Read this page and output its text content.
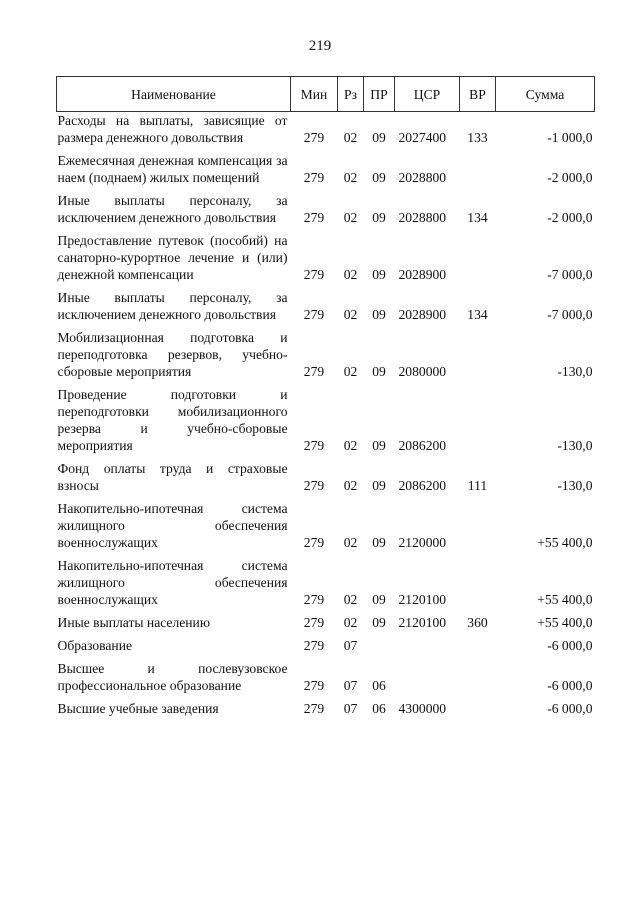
219
Наименование	Мин	Рз	ПР	ЦСР	ВР	Сумма
Расходы на выплаты, зависящие от размера денежного довольствия	279	02	09	2027400	133	-1 000,0
Ежемесячная денежная компенсация за наем (поднаем) жилых помещений	279	02	09	2028800		-2 000,0
Иные выплаты персоналу, за исключением денежного довольствия	279	02	09	2028800	134	-2 000,0
Предоставление путевок (пособий) на санаторно-курортное лечение и (или) денежной компенсации	279	02	09	2028900		-7 000,0
Иные выплаты персоналу, за исключением денежного довольствия	279	02	09	2028900	134	-7 000,0
Мобилизационная подготовка и переподготовка резервов, учебно-сборовые мероприятия	279	02	09	2080000		-130,0
Проведение подготовки и переподготовки мобилизационного резерва и учебно-сборовые мероприятия	279	02	09	2086200		-130,0
Фонд оплаты труда и страховые взносы	279	02	09	2086200	111	-130,0
Накопительно-ипотечная система жилищного обеспечения военнослужащих	279	02	09	2120000		+55 400,0
Накопительно-ипотечная система жилищного обеспечения военнослужащих	279	02	09	2120100		+55 400,0
Иные выплаты населению	279	02	09	2120100	360	+55 400,0
Образование	279	07				-6 000,0
Высшее и послевузовское профессиональное образование	279	07	06			-6 000,0
Высшие учебные заведения	279	07	06	4300000		-6 000,0
